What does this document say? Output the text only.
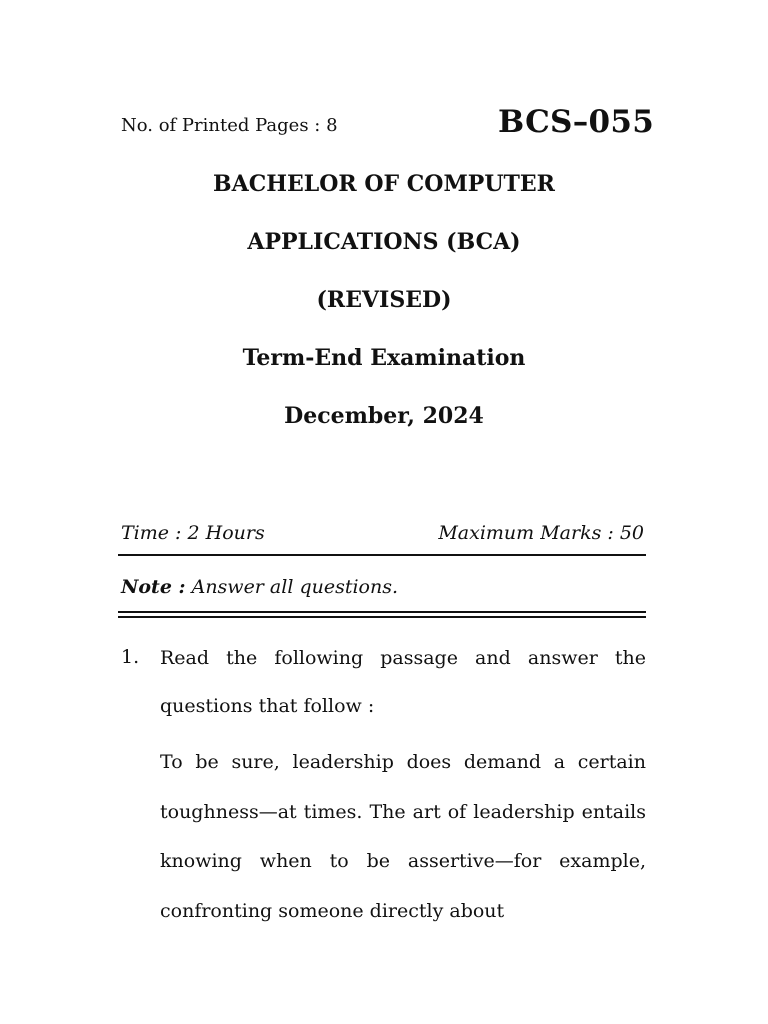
No. of Printed Pages : 8	BCS–055
BACHELOR OF COMPUTER
APPLICATIONS (BCA)
(REVISED)
Term-End Examination
December, 2024
Time : 2 Hours	Maximum Marks : 50
Note : Answer all questions.
1. Read the following passage and answer the questions that follow :
To be sure, leadership does demand a certain toughness—at times. The art of leadership entails knowing when to be assertive—for example, confronting someone directly about
